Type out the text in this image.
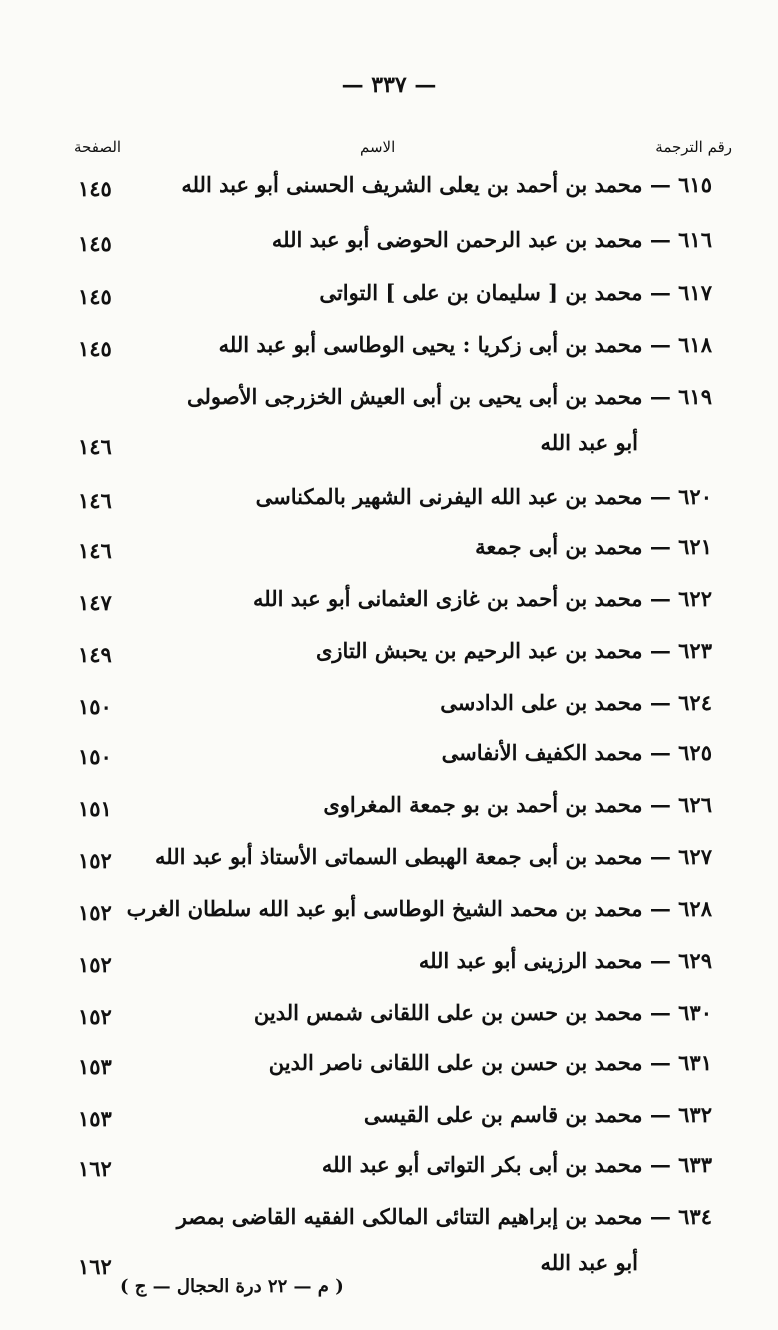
— ٣٣٧ —
رقم الترجمة
الاسم
الصفحة
٦١٥ — محمد بن أحمد بن يعلى الشريف الحسنى أبو عبد الله
١٤٥
٦١٦ — محمد بن عبد الرحمن الحوضى أبو عبد الله
١٤٥
٦١٧ — محمد بن [ سليمان بن على ] التواتى
١٤٥
٦١٨ — محمد بن أبى زكريا : يحيى الوطاسى أبو عبد الله
١٤٥
٦١٩ — محمد بن أبى يحيى بن أبى العيش الخزرجى الأصولى
أبو عبد الله
١٤٦
٦٢٠ — محمد بن عبد الله اليفرنى الشهير بالمكناسى
١٤٦
٦٢١ — محمد بن أبى جمعة
١٤٦
٦٢٢ — محمد بن أحمد بن غازى العثمانى أبو عبد الله
١٤٧
٦٢٣ — محمد بن عبد الرحيم بن يحبش التازى
١٤٩
٦٢٤ — محمد بن على الدادسى
١٥٠
٦٢٥ — محمد الكفيف الأنفاسى
١٥٠
٦٢٦ — محمد بن أحمد بن بو جمعة المغراوى
١٥١
٦٢٧ — محمد بن أبى جمعة الهبطى السماتى الأستاذ أبو عبد الله
١٥٢
٦٢٨ — محمد بن محمد الشيخ الوطاسى أبو عبد الله سلطان الغرب
١٥٢
٦٢٩ — محمد الرزينى أبو عبد الله
١٥٢
٦٣٠ — محمد بن حسن بن على اللقانى شمس الدين
١٥٢
٦٣١ — محمد بن حسن بن على اللقانى ناصر الدين
١٥٣
٦٣٢ — محمد بن قاسم بن على القيسى
١٥٣
٦٣٣ — محمد بن أبى بكر التواتى أبو عبد الله
١٦٢
٦٣٤ — محمد بن إبراهيم التتائى المالكى الفقيه القاضى بمصر
أبو عبد الله
١٦٢
( م — ٢٢ درة الحجال — ج )
